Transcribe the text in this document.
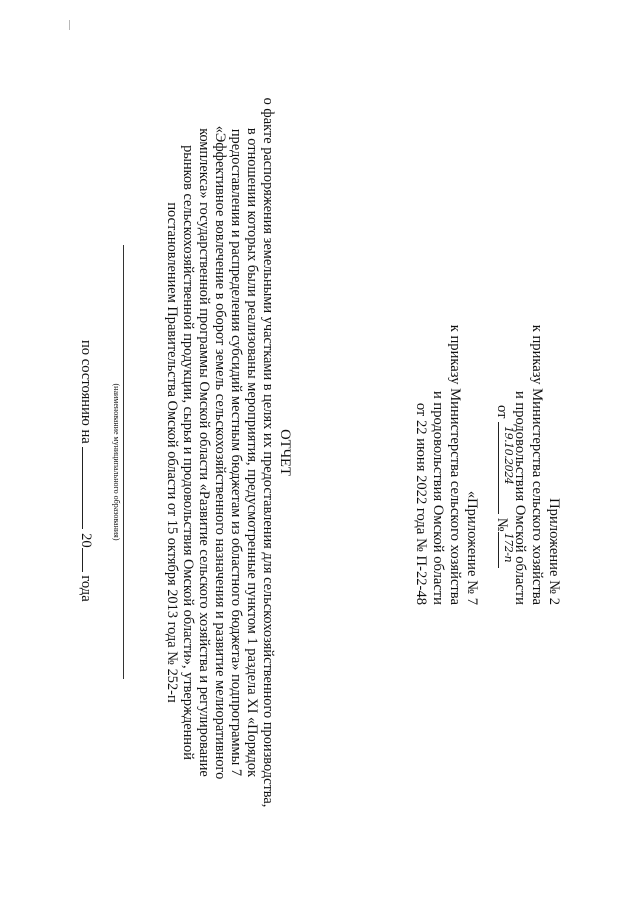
Приложение № 2

к приказу Министерства сельского хозяйства

и продовольствия Омской области

от
19.10.2024
№
172-п

«Приложение № 7

к приказу Министерства сельского хозяйства

и продовольствия Омской области

от 22 июня 2022 года № П-22-48

ОТЧЕТ

о факте распоряжения земельными участками в целях их предоставления для сельскохозяйственного производства,

в отношении которых были реализованы мероприятия, предусмотренные пунктом 1 раздела XI «Порядок

предоставления и распределения субсидий местным бюджетам из областного бюджета» подпрограммы 7

«Эффективное вовлечение в оборот земель сельскохозяйственного назначения и развитие мелиоративного

комплекса» государственной программы Омской области «Развитие сельского хозяйства и регулирование

рынков сельскохозяйственной продукции, сырья и продовольствия Омской области», утвержденной

постановлением Правительства Омской области от 15 октября 2013 года № 252-п

(наименование муниципального образования)

по состоянию на  20 года
